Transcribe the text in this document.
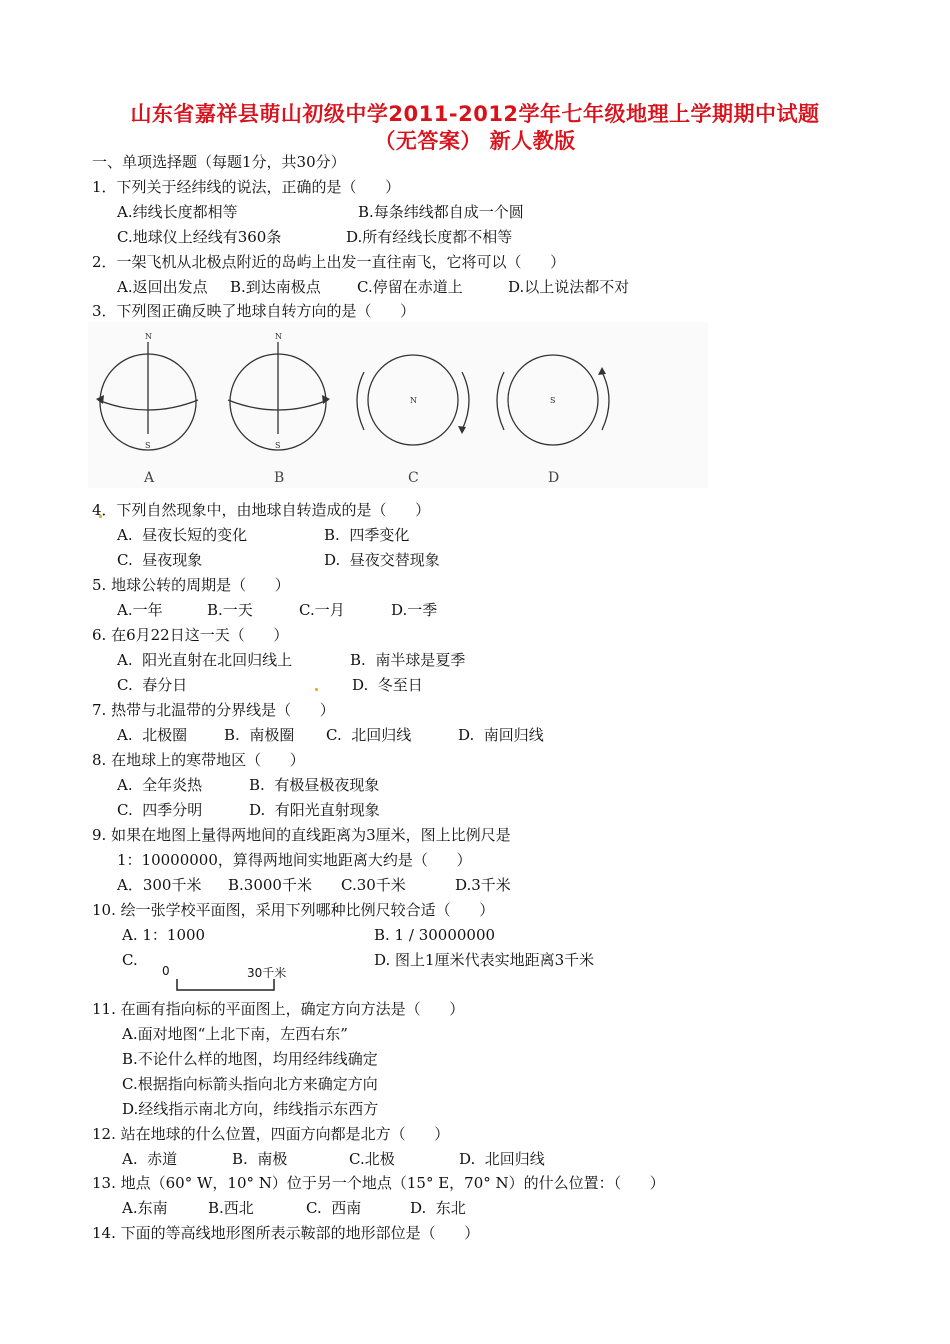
山东省嘉祥县萌山初级中学2011-2012学年七年级地理上学期期中试题
（无答案） 新人教版
一、单项选择题（每题1分，共30分）
1．下列关于经纬线的说法，正确的是（      ）
A.纬线长度都相等	B.每条纬线都自成一个圆
C.地球仪上经线有360条	D.所有经线长度都不相等
2．一架飞机从北极点附近的岛屿上出发一直往南飞，它将可以（      ）
A.返回出发点 B.到达南极点 C.停留在赤道上	D.以上说法都不对
3．下列图正确反映了地球自转方向的是（      ）
N
S
A
N
S
B
N
C
S
D
4．下列自然现象中，由地球自转造成的是（      ）
A.  昼夜长短的变化	B.  四季变化
C.  昼夜现象	D.  昼夜交替现象
5. 地球公转的周期是（      ）
A.一年	B.一天	C.一月	D.一季
6. 在6月22日这一天（      ）
A.  阳光直射在北回归线上	B.  南半球是夏季
C.  春分日	D.  冬至日
7. 热带与北温带的分界线是（      ）
A.  北极圈 B.  南极圈 C.  北回归线	D.  南回归线
8. 在地球上的寒带地区（      ）
A.  全年炎热	B.  有极昼极夜现象
C.  四季分明	D.  有阳光直射现象
9. 如果在地图上量得两地间的直线距离为3厘米，图上比例尺是
1：10000000，算得两地间实地距离大约是（      ）
A．300千米 B.3000千米 C.30千米	D.3千米
10. 绘一张学校平面图，采用下列哪种比例尺较合适（      ）
A. 1：1000	B. 1 / 30000000
C.	D. 图上1厘米代表实地距离3千米
0	30千米
11. 在画有指向标的平面图上，确定方向方法是（      ）
A.面对地图“上北下南，左西右东”
B.不论什么样的地图，均用经纬线确定
C.根据指向标箭头指向北方来确定方向
D.经线指示南北方向，纬线指示东西方
12. 站在地球的什么位置，四面方向都是北方（      ）
A.  赤道	B.  南极	C.北极	D.  北回归线
13. 地点（60° W，10° N）位于另一个地点（15° E，70° N）的什么位置：（      ）
A.东南	B.西北	C.  西南	D.  东北
14. 下面的等高线地形图所表示鞍部的地形部位是（      ）
